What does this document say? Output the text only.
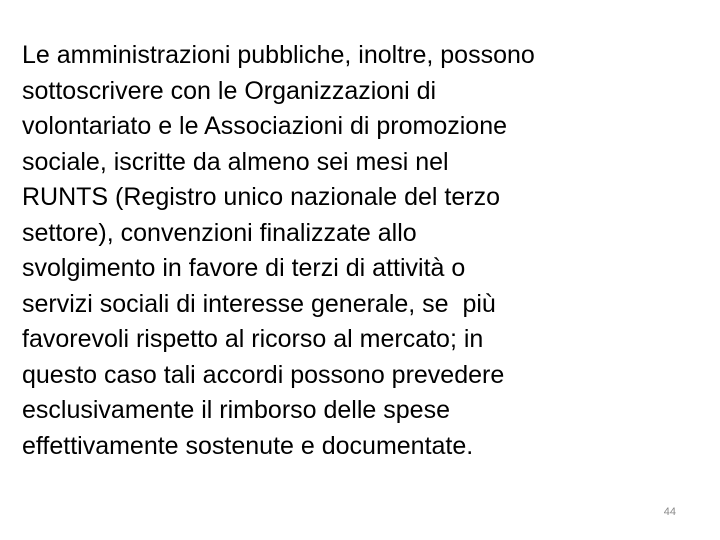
Le amministrazioni pubbliche, inoltre, possono
sottoscrivere con le Organizzazioni di
volontariato e le Associazioni di promozione
sociale, iscritte da almeno sei mesi nel
RUNTS (Registro unico nazionale del terzo
settore), convenzioni finalizzate allo
svolgimento in favore di terzi di attività o
servizi sociali di interesse generale, se  più
favorevoli rispetto al ricorso al mercato; in
questo caso tali accordi possono prevedere
esclusivamente il rimborso delle spese
effettivamente sostenute e documentate.
44
